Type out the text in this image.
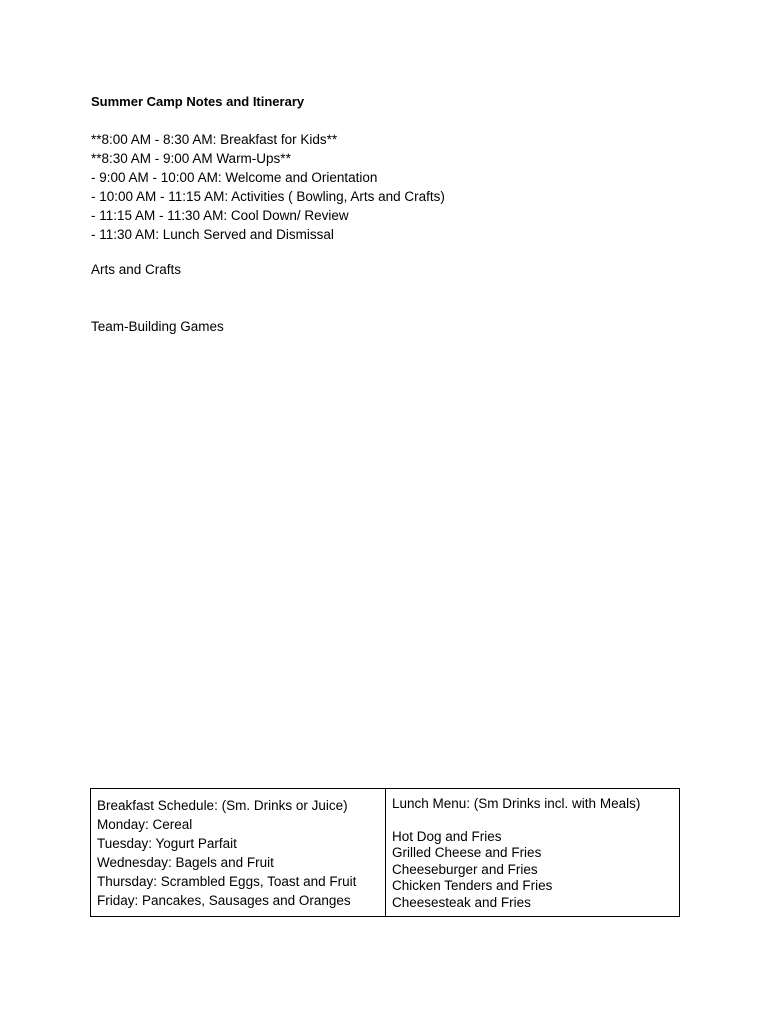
Summer Camp Notes and Itinerary
**8:00 AM - 8:30 AM: Breakfast for Kids**
**8:30 AM - 9:00 AM Warm-Ups**
- 9:00 AM - 10:00 AM: Welcome and Orientation
- 10:00 AM - 11:15 AM: Activities ( Bowling, Arts and Crafts)
- 11:15 AM - 11:30 AM: Cool Down/ Review
- 11:30 AM: Lunch Served and Dismissal
Arts and Crafts
Team-Building Games
Breakfast Schedule: (Sm. Drinks or Juice)
Monday: Cereal
Tuesday: Yogurt Parfait
Wednesday: Bagels and Fruit
Thursday: Scrambled Eggs, Toast and Fruit
Friday: Pancakes, Sausages and Oranges
Lunch Menu: (Sm Drinks incl. with Meals)
Hot Dog and Fries
Grilled Cheese and Fries
Cheeseburger and Fries
Chicken Tenders and Fries
Cheesesteak and Fries
